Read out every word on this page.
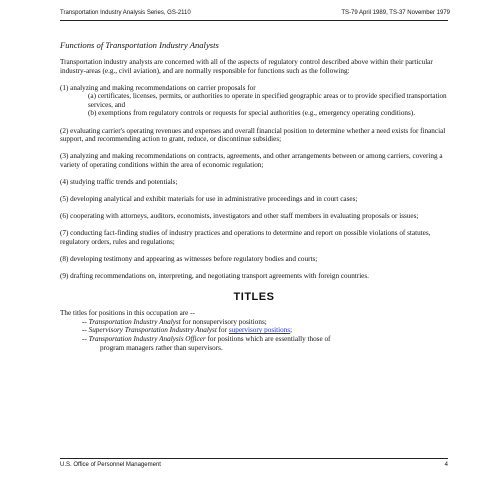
Transportation Industry Analysis Series, GS-2110	TS-79 April 1989, TS-37 November 1979
Functions of Transportation Industry Analysts

Transportation industry analysts are concerned with all of the aspects of regulatory control described above within their particular industry-areas (e.g., civil aviation), and are normally responsible for functions such as the following:

(1) analyzing and making recommendations on carrier proposals for
(a) certificates, licenses, permits, or authorities to operate in specified geographic areas or to provide specified transportation services, and
(b) exemptions from regulatory controls or requests for special authorities (e.g., emergency operating conditions).

(2) evaluating carrier's operating revenues and expenses and overall financial position to determine whether a need exists for financial support, and recommending action to grant, reduce, or discontinue subsidies;

(3) analyzing and making recommendations on contracts, agreements, and other arrangements between or among carriers, covering a variety of operating conditions within the area of economic regulation;

(4) studying traffic trends and potentials;

(5) developing analytical and exhibit materials for use in administrative proceedings and in court cases;

(6) cooperating with attorneys, auditors, economists, investigators and other staff members in evaluating proposals or issues;

(7) conducting fact-finding studies of industry practices and operations to determine and report on possible violations of statutes, regulatory orders, rules and regulations;

(8) developing testimony and appearing as witnesses before regulatory bodies and courts;

(9) drafting recommendations on, interpreting, and negotiating transport agreements with foreign countries.

TITLES
The titles for positions in this occupation are --
-- Transportation Industry Analyst for nonsupervisory positions;
-- Supervisory Transportation Industry Analyst for supervisory positions;
-- Transportation Industry Analysis Officer for positions which are essentially those of
program managers rather than supervisors.
U.S. Office of Personnel Management	4
